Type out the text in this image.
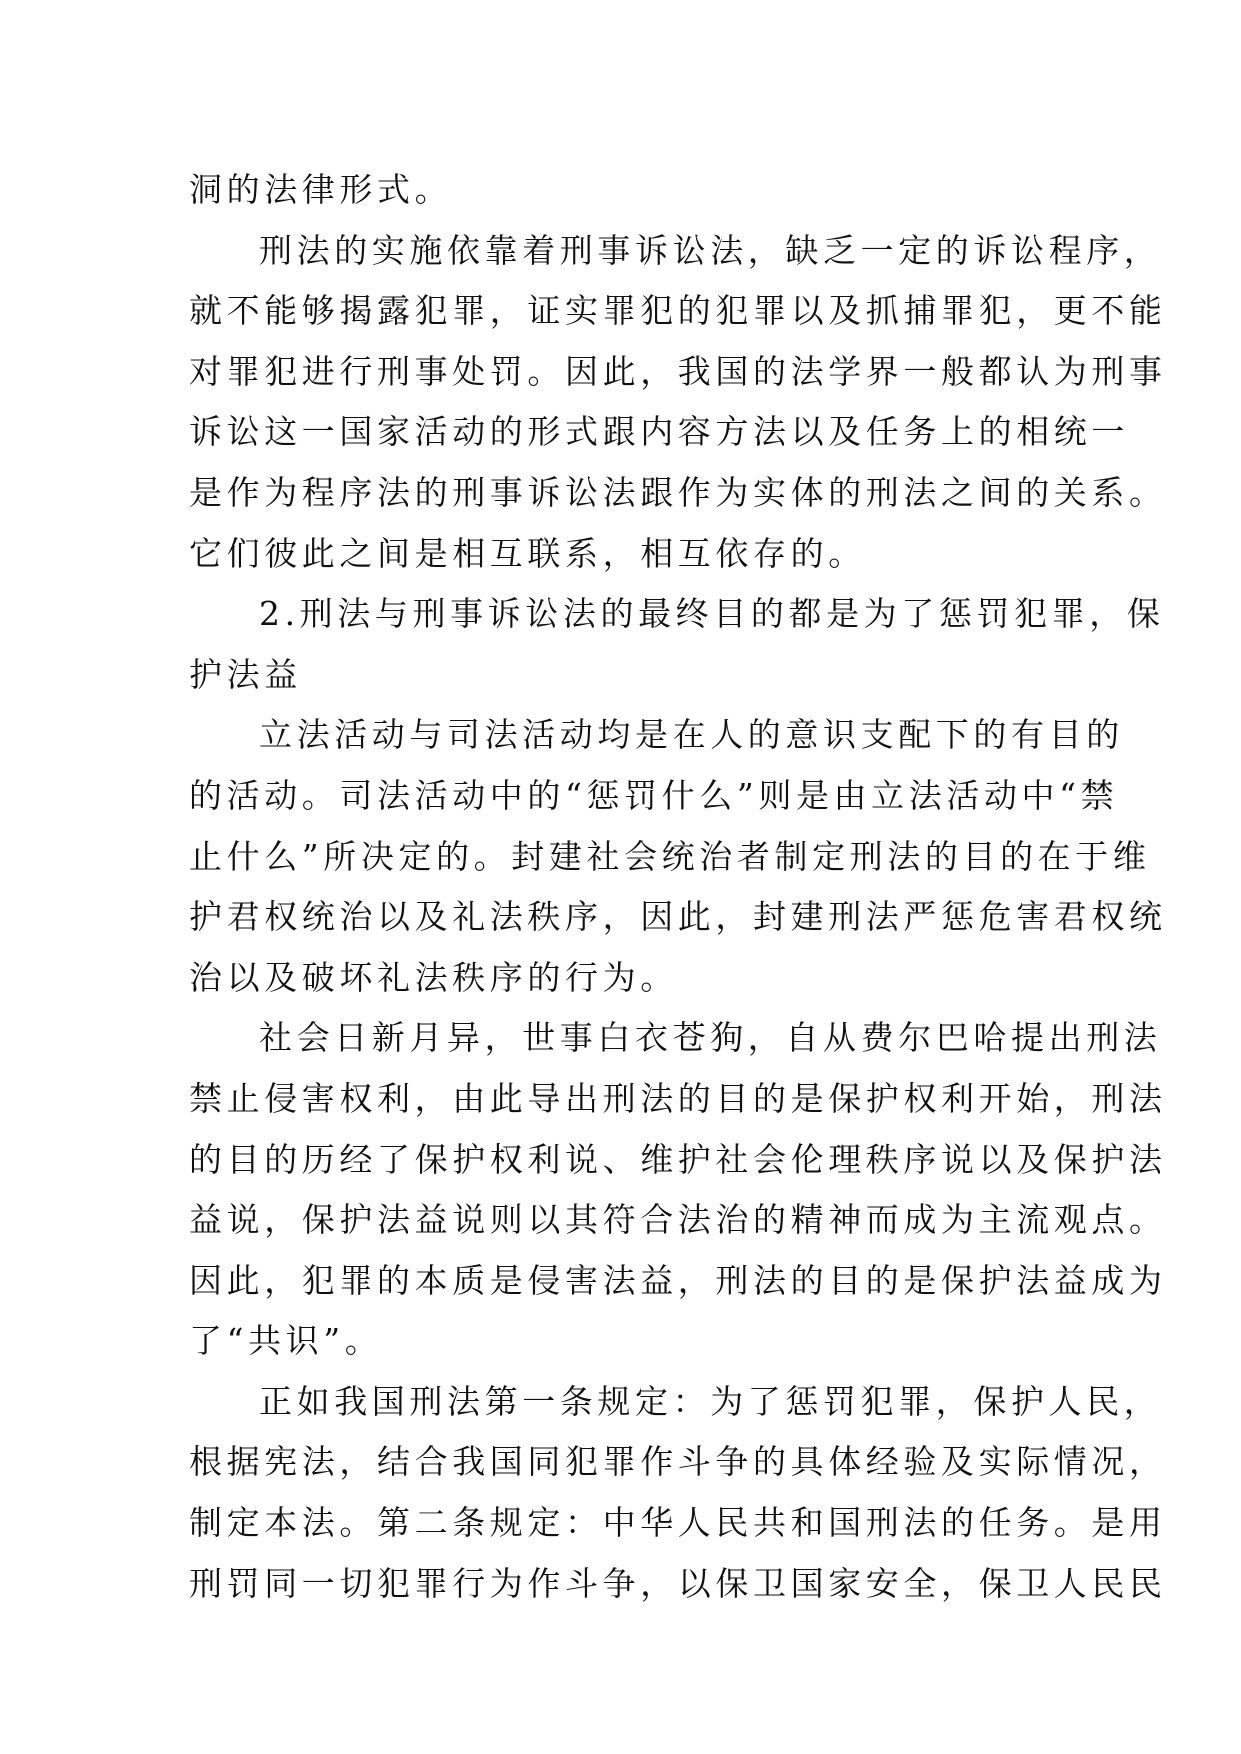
洞的法律形式。
刑法的实施依靠着刑事诉讼法，缺乏一定的诉讼程序，
就不能够揭露犯罪，证实罪犯的犯罪以及抓捕罪犯，更不能
对罪犯进行刑事处罚。因此，我国的法学界一般都认为刑事
诉讼这一国家活动的形式跟内容方法以及任务上的相统一
是作为程序法的刑事诉讼法跟作为实体的刑法之间的关系。
它们彼此之间是相互联系，相互依存的。
2.刑法与刑事诉讼法的最终目的都是为了惩罚犯罪，保
护法益
立法活动与司法活动均是在人的意识支配下的有目的
的活动。司法活动中的“惩罚什么”则是由立法活动中“禁
止什么”所决定的。封建社会统治者制定刑法的目的在于维
护君权统治以及礼法秩序，因此，封建刑法严惩危害君权统
治以及破坏礼法秩序的行为。
社会日新月异，世事白衣苍狗，自从费尔巴哈提出刑法
禁止侵害权利，由此导出刑法的目的是保护权利开始，刑法
的目的历经了保护权利说、维护社会伦理秩序说以及保护法
益说，保护法益说则以其符合法治的精神而成为主流观点。
因此，犯罪的本质是侵害法益，刑法的目的是保护法益成为
了“共识”。
正如我国刑法第一条规定：为了惩罚犯罪，保护人民，
根据宪法，结合我国同犯罪作斗争的具体经验及实际情况，
制定本法。第二条规定：中华人民共和国刑法的任务。是用
刑罚同一切犯罪行为作斗争，以保卫国家安全，保卫人民民
